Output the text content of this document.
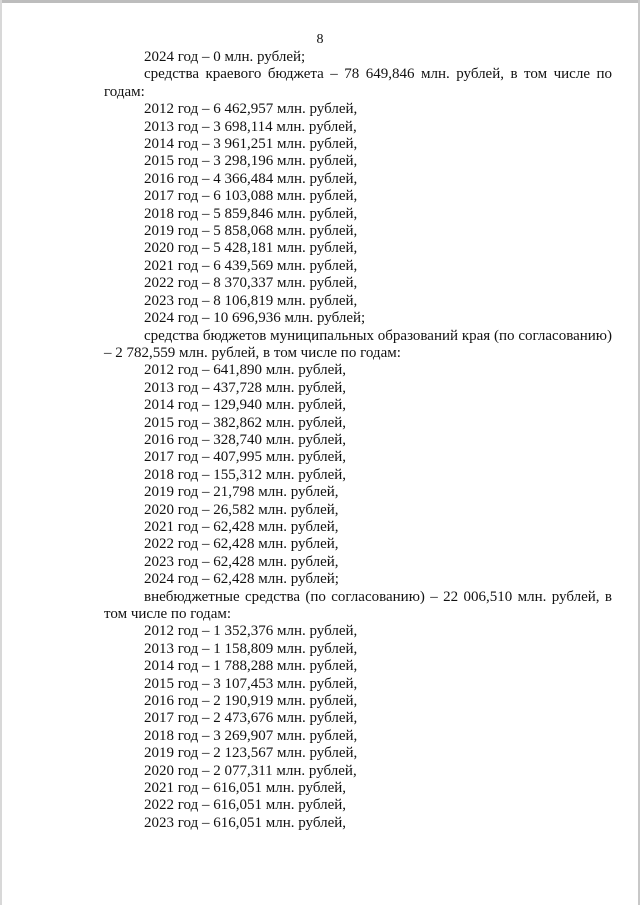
8
2024 год – 0 млн. рублей;
средства краевого бюджета – 78 649,846 млн. рублей, в том числе по годам:
2012 год – 6 462,957 млн. рублей,
2013 год – 3 698,114 млн. рублей,
2014 год – 3 961,251 млн. рублей,
2015 год – 3 298,196 млн. рублей,
2016 год – 4 366,484 млн. рублей,
2017 год – 6 103,088 млн. рублей,
2018 год – 5 859,846 млн. рублей,
2019 год – 5 858,068 млн. рублей,
2020 год – 5 428,181 млн. рублей,
2021 год – 6 439,569 млн. рублей,
2022 год – 8 370,337 млн. рублей,
2023 год – 8 106,819 млн. рублей,
2024 год – 10 696,936 млн. рублей;
средства бюджетов муниципальных образований края (по согласованию) – 2 782,559 млн. рублей, в том числе по годам:
2012 год – 641,890 млн. рублей,
2013 год – 437,728 млн. рублей,
2014 год – 129,940 млн. рублей,
2015 год – 382,862 млн. рублей,
2016 год – 328,740 млн. рублей,
2017 год – 407,995 млн. рублей,
2018 год – 155,312 млн. рублей,
2019 год – 21,798 млн. рублей,
2020 год – 26,582 млн. рублей,
2021 год – 62,428 млн. рублей,
2022 год – 62,428 млн. рублей,
2023 год – 62,428 млн. рублей,
2024 год – 62,428 млн. рублей;
внебюджетные средства (по согласованию) – 22 006,510 млн. рублей, в том числе по годам:
2012 год – 1 352,376 млн. рублей,
2013 год – 1 158,809 млн. рублей,
2014 год – 1 788,288 млн. рублей,
2015 год – 3 107,453 млн. рублей,
2016 год – 2 190,919 млн. рублей,
2017 год – 2 473,676 млн. рублей,
2018 год – 3 269,907 млн. рублей,
2019 год – 2 123,567 млн. рублей,
2020 год – 2 077,311 млн. рублей,
2021 год – 616,051 млн. рублей,
2022 год – 616,051 млн. рублей,
2023 год – 616,051 млн. рублей,
